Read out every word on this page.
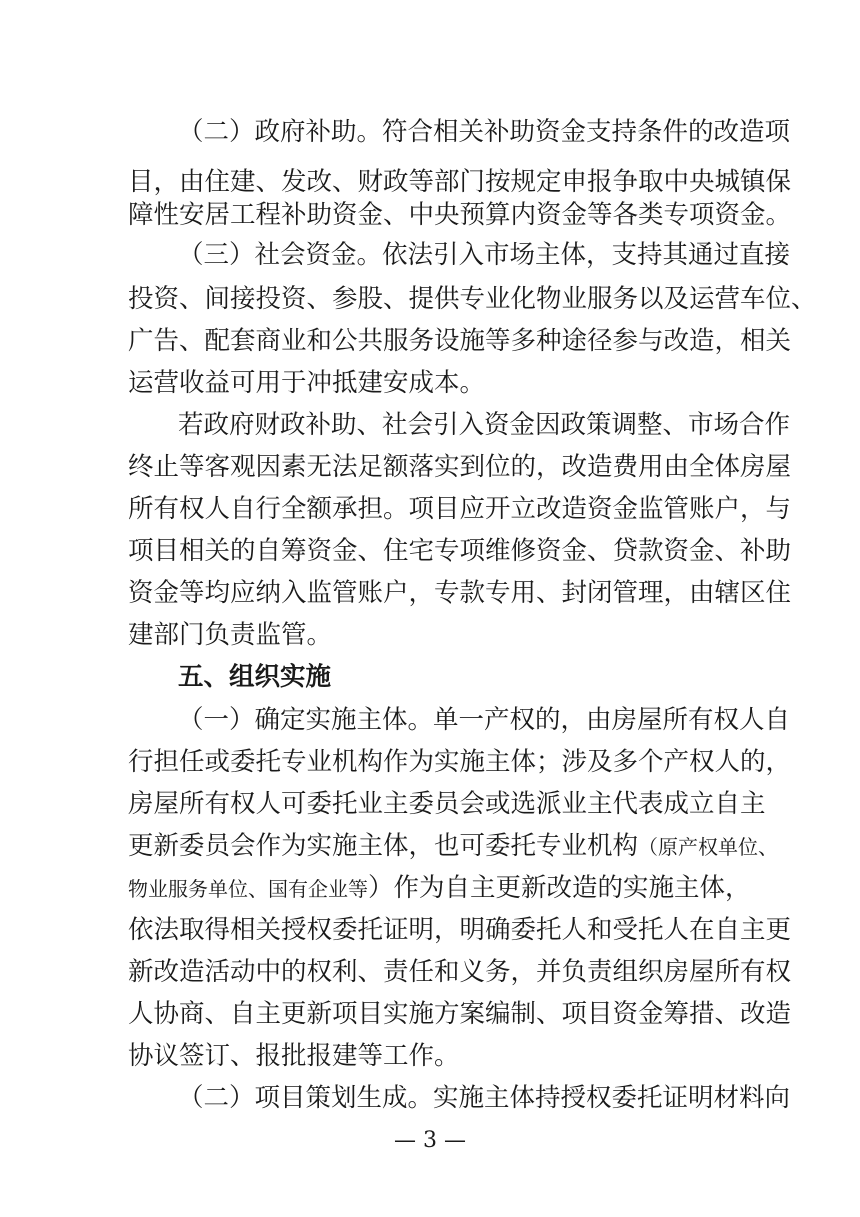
（二）政府补助。符合相关补助资金支持条件的改造项
目，由住建、发改、财政等部门按规定申报争取中央城镇保
障性安居工程补助资金、中央预算内资金等各类专项资金。
（三）社会资金。依法引入市场主体，支持其通过直接
投资、间接投资、参股、提供专业化物业服务以及运营车位、
广告、配套商业和公共服务设施等多种途径参与改造，相关
运营收益可用于冲抵建安成本。
若政府财政补助、社会引入资金因政策调整、市场合作
终止等客观因素无法足额落实到位的，改造费用由全体房屋
所有权人自行全额承担。项目应开立改造资金监管账户，与
项目相关的自筹资金、住宅专项维修资金、贷款资金、补助
资金等均应纳入监管账户，专款专用、封闭管理，由辖区住
建部门负责监管。
五、组织实施
（一）确定实施主体。单一产权的，由房屋所有权人自
行担任或委托专业机构作为实施主体；涉及多个产权人的，
房屋所有权人可委托业主委员会或选派业主代表成立自主
更新委员会作为实施主体，也可委托专业机构（原产权单位、
物业服务单位、国有企业等）作为自主更新改造的实施主体，
依法取得相关授权委托证明，明确委托人和受托人在自主更
新改造活动中的权利、责任和义务，并负责组织房屋所有权
人协商、自主更新项目实施方案编制、项目资金筹措、改造
协议签订、报批报建等工作。
（二）项目策划生成。实施主体持授权委托证明材料向
— 3 —
